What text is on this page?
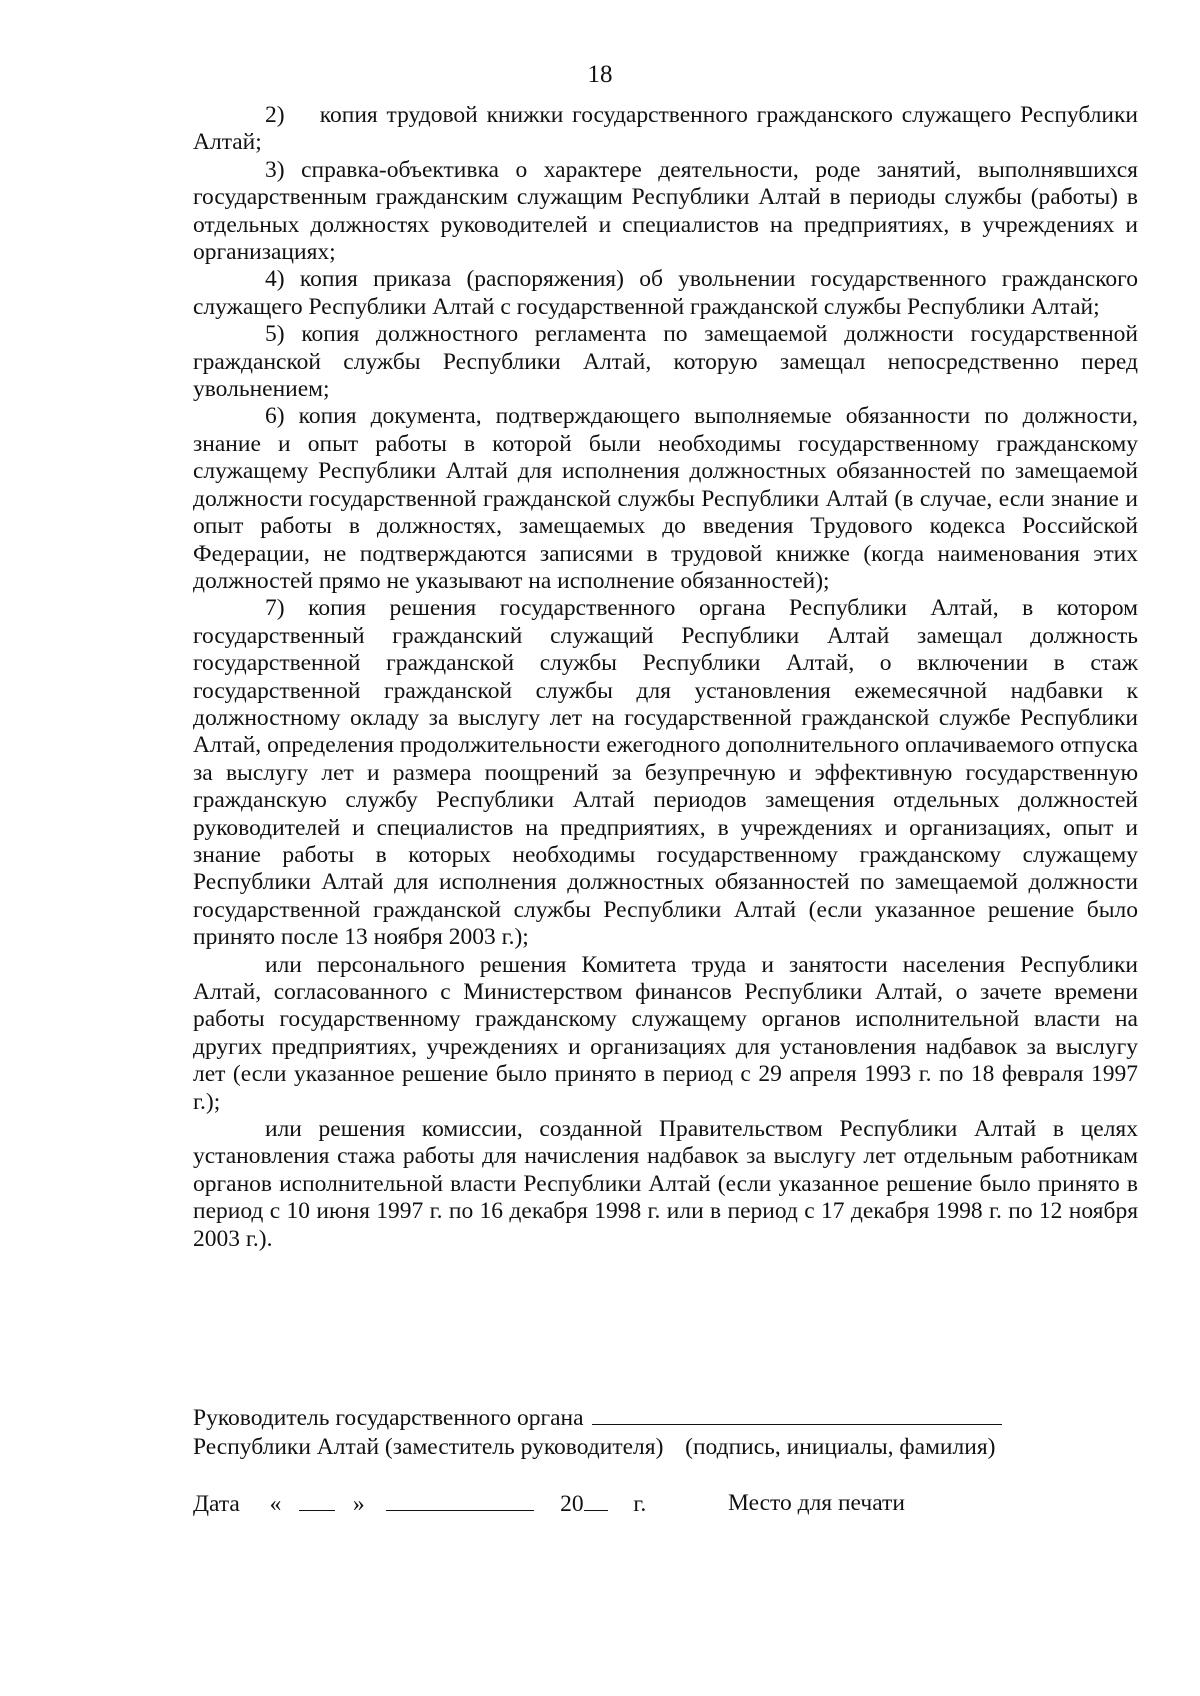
18

2)    копия трудовой книжки государственного гражданского служащего Республики Алтай;

3) справка-объективка о характере деятельности, роде занятий, выполнявшихся государственным гражданским служащим Республики Алтай в периоды службы (работы) в отдельных должностях руководителей и специалистов на предприятиях, в учреждениях и организациях;

4) копия приказа (распоряжения) об увольнении государственного гражданского служащего Республики Алтай с государственной гражданской службы Республики Алтай;

5) копия должностного регламента по замещаемой должности государственной гражданской службы Республики Алтай, которую замещал непосредственно перед увольнением;

6) копия документа, подтверждающего выполняемые обязанности по должности, знание и опыт работы в которой были необходимы государственному гражданскому служащему Республики Алтай для исполнения должностных обязанностей по замещаемой должности государственной гражданской службы Республики Алтай (в случае, если знание и опыт работы в должностях, замещаемых до введения Трудового кодекса Российской Федерации, не подтверждаются записями в трудовой книжке (когда наименования этих должностей прямо не указывают на исполнение обязанностей);

7) копия решения государственного органа Республики Алтай, в котором государственный гражданский служащий Республики Алтай замещал должность государственной гражданской службы Республики Алтай, о включении в стаж государственной гражданской службы для установления ежемесячной надбавки к должностному окладу за выслугу лет на государственной гражданской службе Республики Алтай, определения продолжительности ежегодного дополнительного оплачиваемого отпуска за выслугу лет и размера поощрений за безупречную и эффективную государственную гражданскую службу Республики Алтай периодов замещения отдельных должностей руководителей и специалистов на предприятиях, в учреждениях и организациях, опыт и знание работы в которых необходимы государственному гражданскому служащему Республики Алтай для исполнения должностных обязанностей по замещаемой должности государственной гражданской службы Республики Алтай (если указанное решение было принято после 13 ноября 2003 г.);

или персонального решения Комитета труда и занятости населения Республики Алтай, согласованного с Министерством финансов Республики Алтай, о зачете времени работы государственному гражданскому служащему органов исполнительной власти на других предприятиях, учреждениях и организациях для установления надбавок за выслугу лет (если указанное решение было принято в период с 29 апреля 1993 г. по 18 февраля 1997 г.);

или решения комиссии, созданной Правительством Республики Алтай в целях установления стажа работы для начисления надбавок за выслугу лет отдельным работникам органов исполнительной власти Республики Алтай (если указанное решение было принято в период с 10 июня 1997 г. по 16 декабря 1998 г. или в период с 17 декабря 1998 г. по 12 ноября 2003 г.).

Руководитель государственного органа
Республики Алтай (заместитель руководителя) (подпись, инициалы, фамилия)
Дата «	»	20 г.	Место для печати
